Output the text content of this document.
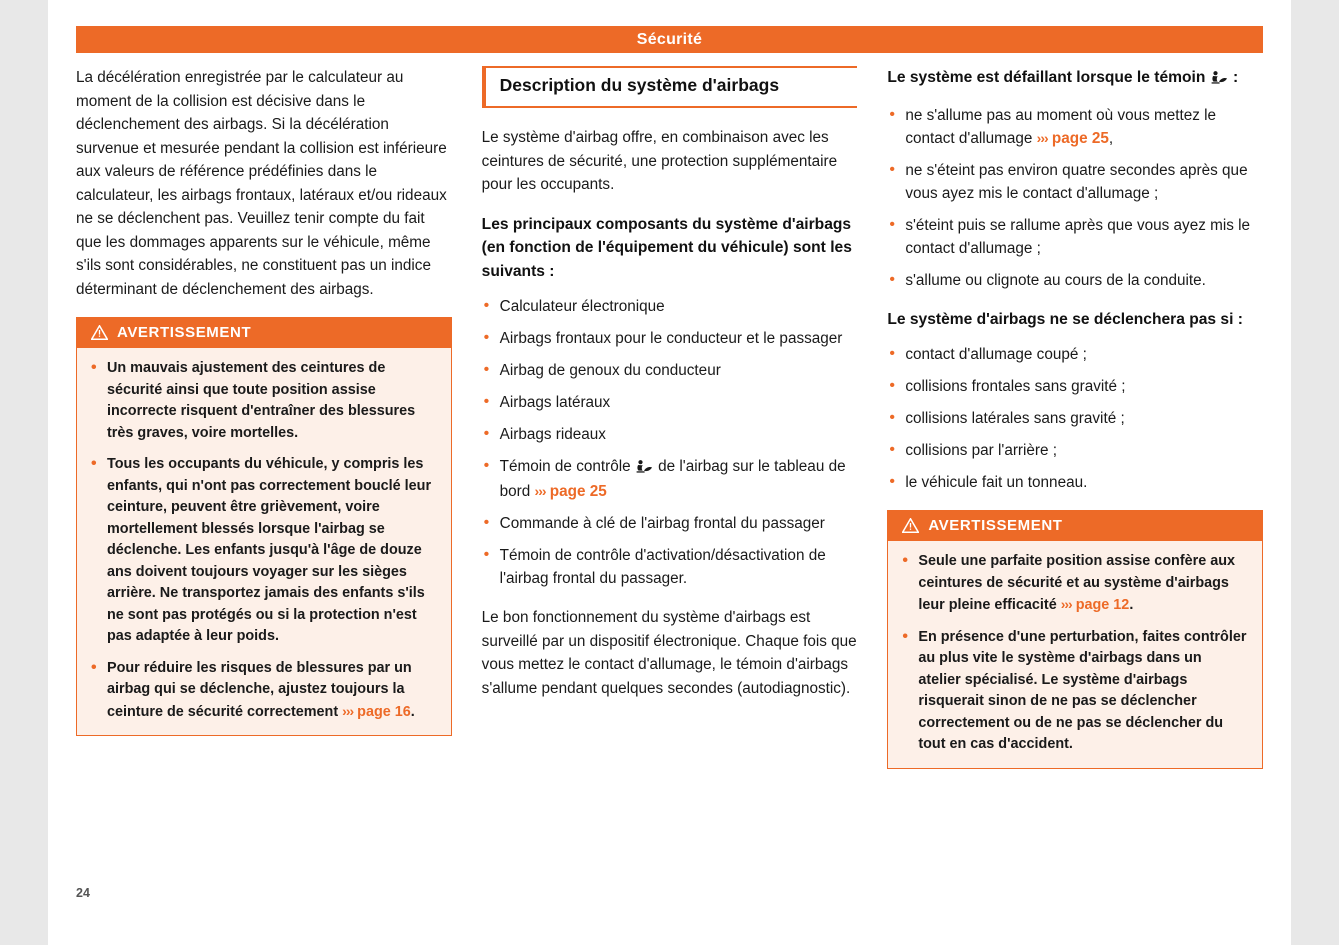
Sécurité

La décélération enregistrée par le calculateur au moment de la collision est décisive dans le déclenchement des airbags. Si la décélération survenue et mesurée pendant la collision est inférieure aux valeurs de référence prédéfinies dans le calculateur, les airbags frontaux, latéraux et/ou rideaux ne se déclenchent pas. Veuillez tenir compte du fait que les dommages apparents sur le véhicule, même s'ils sont considérables, ne constituent pas un indice déterminant de déclenchement des airbags.

AVERTISSEMENT

• Un mauvais ajustement des ceintures de sécurité ainsi que toute position assise incorrecte risquent d'entraîner des blessures très graves, voire mortelles.

• Tous les occupants du véhicule, y compris les enfants, qui n'ont pas correctement bouclé leur ceinture, peuvent être grièvement, voire mortellement blessés lorsque l'airbag se déclenche. Les enfants jusqu'à l'âge de douze ans doivent toujours voyager sur les sièges arrière. Ne transportez jamais des enfants s'ils ne sont pas protégés ou si la protection n'est pas adaptée à leur poids.

• Pour réduire les risques de blessures par un airbag qui se déclenche, ajustez toujours la ceinture de sécurité correctement ››› page 16.

Description du système d'airbags

Le système d'airbag offre, en combinaison avec les ceintures de sécurité, une protection supplémentaire pour les occupants.

Les principaux composants du système d'airbags (en fonction de l'équipement du véhicule) sont les suivants :
• Calculateur électronique
• Airbags frontaux pour le conducteur et le passager
• Airbag de genoux du conducteur
• Airbags latéraux
• Airbags rideaux
• Témoin de contrôle  de l'airbag sur le tableau de bord ››› page 25
• Commande à clé de l'airbag frontal du passager
• Témoin de contrôle d'activation/désactivation de l'airbag frontal du passager.

Le bon fonctionnement du système d'airbags est surveillé par un dispositif électronique. Chaque fois que vous mettez le contact d'allumage, le témoin d'airbags s'allume pendant quelques secondes (autodiagnostic).

Le système est défaillant lorsque le témoin  :
• ne s'allume pas au moment où vous mettez le contact d'allumage ››› page 25,
• ne s'éteint pas environ quatre secondes après que vous ayez mis le contact d'allumage ;
• s'éteint puis se rallume après que vous ayez mis le contact d'allumage ;
• s'allume ou clignote au cours de la conduite.
Le système d'airbags ne se déclenchera pas si :
• contact d'allumage coupé ;
• collisions frontales sans gravité ;
• collisions latérales sans gravité ;
• collisions par l'arrière ;
• le véhicule fait un tonneau.
AVERTISSEMENT

• Seule une parfaite position assise confère aux ceintures de sécurité et au système d'airbags leur pleine efficacité ››› page 12.

• En présence d'une perturbation, faites contrôler au plus vite le système d'airbags dans un atelier spécialisé. Le système d'airbags risquerait sinon de ne pas se déclencher correctement ou de ne pas se déclencher du tout en cas d'accident.

24
